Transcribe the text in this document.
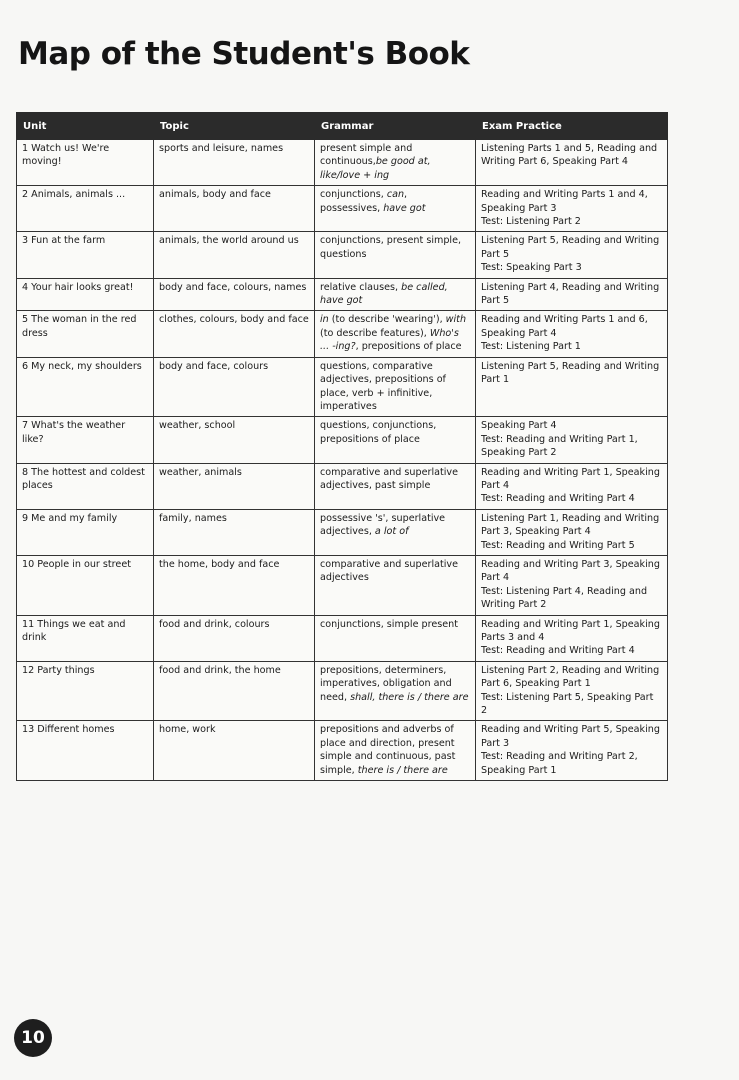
Map of the Student's Book
Unit	Topic	Grammar	Exam Practice
1 Watch us! We're moving!	sports and leisure, names	present simple and continuous,be good at, like/love + ing	Listening Parts 1 and 5, Reading and Writing Part 6, Speaking Part 4

2 Animals, animals ...	animals, body and face	conjunctions, can, possessives, have got	Reading and Writing Parts 1 and 4, Speaking Part 3
Test: Listening Part 2

3 Fun at the farm	animals, the world around us	conjunctions, present simple, questions	Listening Part 5, Reading and Writing Part 5
Test: Speaking Part 3

4 Your hair looks great!	body and face, colours, names	relative clauses, be called, have got	Listening Part 4, Reading and Writing Part 5

5 The woman in the red dress	clothes, colours, body and face	in (to describe 'wearing'), with (to describe features), Who's ... -ing?, prepositions of place	Reading and Writing Parts 1 and 6, Speaking Part 4
Test: Listening Part 1

6 My neck, my shoulders	body and face, colours	questions, comparative adjectives, prepositions of place, verb + infinitive, imperatives	Listening Part 5, Reading and Writing Part 1

7 What's the weather like?	weather, school	questions, conjunctions, prepositions of place	Speaking Part 4
Test: Reading and Writing Part 1, Speaking Part 2

8 The hottest and coldest places	weather, animals	comparative and superlative adjectives, past simple	Reading and Writing Part 1, Speaking Part 4
Test: Reading and Writing Part 4

9 Me and my family	family, names	possessive 's', superlative adjectives, a lot of	Listening Part 1, Reading and Writing Part 3, Speaking Part 4
Test: Reading and Writing Part 5

10 People in our street	the home, body and face	comparative and superlative adjectives	Reading and Writing Part 3, Speaking Part 4
Test: Listening Part 4, Reading and Writing Part 2

11 Things we eat and drink	food and drink, colours	conjunctions, simple present	Reading and Writing Part 1, Speaking Parts 3 and 4
Test: Reading and Writing Part 4

12 Party things	food and drink, the home	prepositions, determiners, imperatives, obligation and need, shall, there is / there are	Listening Part 2, Reading and Writing Part 6, Speaking Part 1
Test: Listening Part 5, Speaking Part 2

13 Different homes	home, work	prepositions and adverbs of place and direction, present simple and continuous, past simple, there is / there are	Reading and Writing Part 5, Speaking Part 3
Test: Reading and Writing Part 2, Speaking Part 1
10
